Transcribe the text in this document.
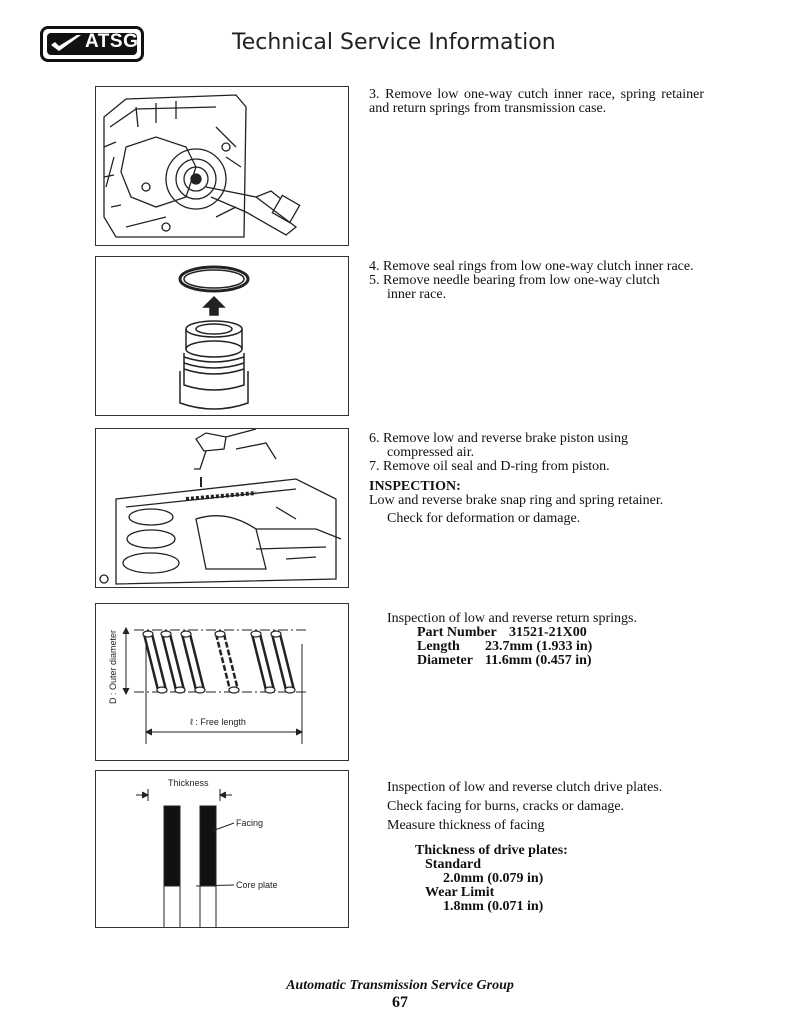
ATSG	Technical Service Information

3. Remove low one-way cutch inner race, spring retainer and return springs from transmission case.

4. Remove seal rings from low one-way clutch inner race.

5. Remove needle bearing from low one-way clutch

inner race.

6. Remove low and reverse brake piston using

compressed air.

7. Remove oil seal and D-ring from piston.

INSPECTION:

Low and reverse brake snap ring and spring retainer.

Check for deformation or damage.

D : Outer diameter
ℓ : Free length

Inspection of low and reverse return springs.

Part Number 31521-21X00
Length 23.7mm (1.933 in)
Diameter 11.6mm (0.457 in)
Thickness
Facing
Core plate

Inspection of low and reverse clutch drive plates.

Check facing for burns, cracks or damage.

Measure thickness of facing

Thickness of drive plates:

Standard

2.0mm (0.079 in)

Wear Limit

1.8mm (0.071 in)

Automatic Transmission Service Group
67
